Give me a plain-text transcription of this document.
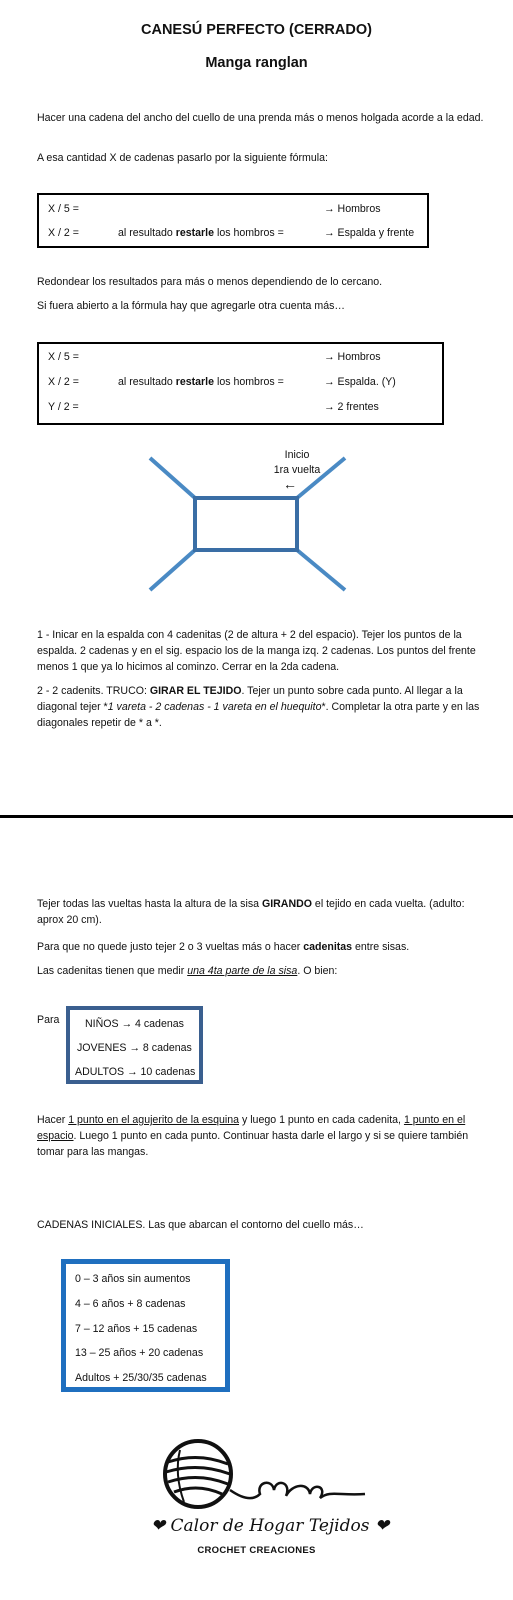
CANESÚ PERFECTO (CERRADO)
Manga ranglan
Hacer una cadena del ancho del cuello de una prenda más o menos holgada acorde a la edad.
A esa cantidad X de cadenas pasarlo por la siguiente fórmula:
X / 5 =	→ Hombros
X / 2 =	al resultado restarle los hombros =	→ Espalda y frente
Redondear los resultados para más o menos dependiendo de lo cercano.
Si fuera abierto a la fórmula hay que agregarle otra cuenta más…
X / 5 =	→ Hombros
X / 2 =	al resultado restarle los hombros =	→ Espalda. (Y)
Y / 2 =	→ 2 frentes
Inicio
1ra vuelta
←
1 - Inicar en la espalda con 4 cadenitas (2 de altura + 2 del espacio). Tejer los puntos de la espalda. 2 cadenas y en el sig. espacio los de la manga izq. 2 cadenas. Los puntos del frente menos 1 que ya lo hicimos al cominzo. Cerrar en la 2da cadena.
2 - 2 cadenits. TRUCO: GIRAR EL TEJIDO. Tejer un punto sobre cada punto. Al llegar a la diagonal tejer *1 vareta - 2 cadenas - 1 vareta en el huequito*. Completar la otra parte y en las diagonales repetir de * a *.
Tejer todas las vueltas hasta la altura de la sisa GIRANDO el tejido en cada vuelta. (adulto: aprox 20 cm).
Para que no quede justo tejer 2 o 3 vueltas más o hacer cadenitas entre sisas.
Las cadenitas tienen que medir una 4ta parte de la sisa. O bien:
Para NIÑOS → 4 cadenas
JOVENES → 8 cadenas
ADULTOS → 10 cadenas
Hacer 1 punto en el agujerito de la esquina y luego 1 punto en cada cadenita, 1 punto en el espacio. Luego 1 punto en cada punto. Continuar hasta darle el largo y si se quiere también tomar para las mangas.
CADENAS INICIALES. Las que abarcan el contorno del cuello más…
0 – 3 años sin aumentos
4 – 6 años + 8 cadenas
7 – 12 años + 15 cadenas
13 – 25 años + 20 cadenas
Adultos + 25/30/35 cadenas
❤ Calor de Hogar Tejidos ❤
CROCHET CREACIONES
